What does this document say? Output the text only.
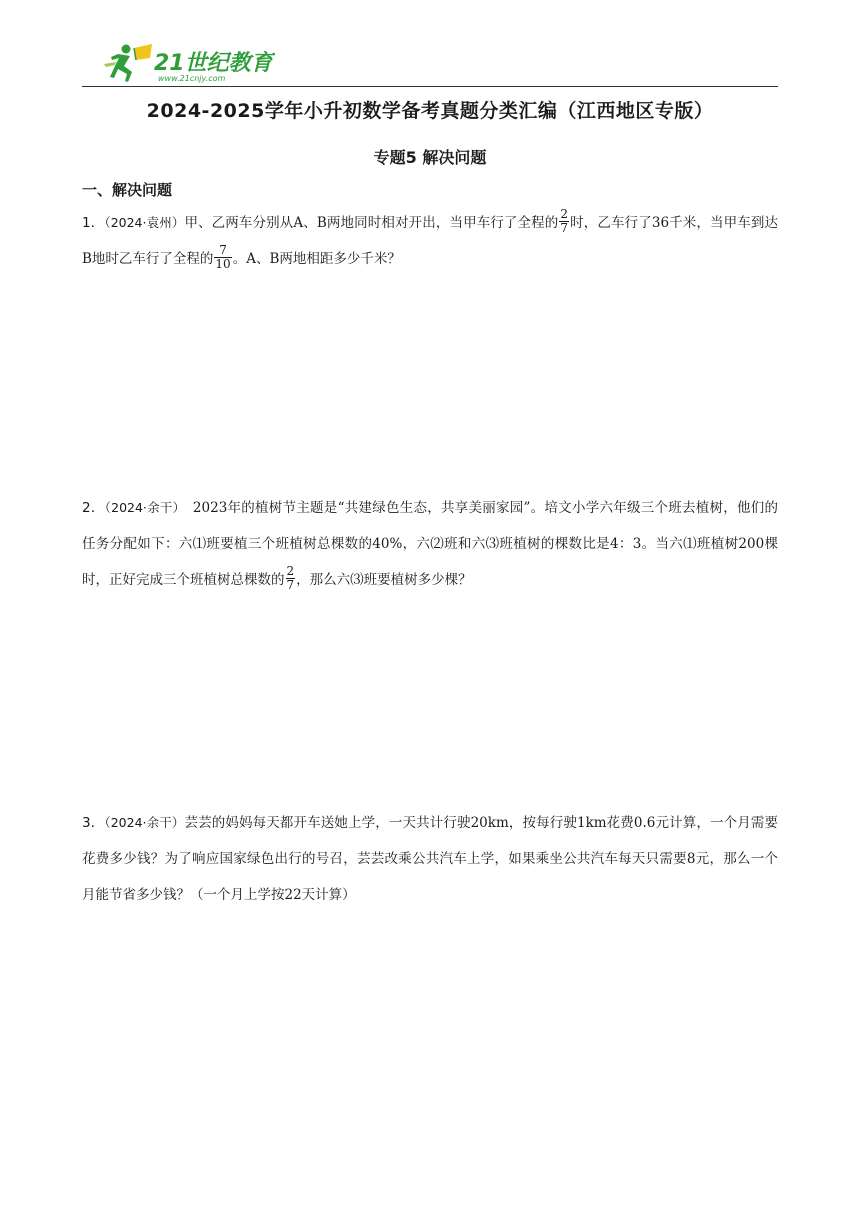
21世纪教育
www.21cnjy.com
2024-2025学年小升初数学备考真题分类汇编（江西地区专版）
专题5 解决问题
一、解决问题
1．（2024·袁州）甲、乙两车分别从A、B两地同时相对开出，当甲车行了全程的 $\frac{2}{7}$ 时，乙车行了36千米，当甲车到达B地时乙车行了全程的 $\frac{7}{10}$ 。A、B两地相距多少千米？
2．（2024·余干）　2023年的植树节主题是“共建绿色生态，共享美丽家园”。培文小学六年级三个班去植树，他们的任务分配如下：六⑴班要植三个班植树总棵数的40%，六⑵班和六⑶班植树的棵数比是4：3。当六⑴班植树200棵时，正好完成三个班植树总棵数的 $\frac{2}{7}$ ，那么六⑶班要植树多少棵？
3．（2024·余干）芸芸的妈妈每天都开车送她上学，一天共计行驶20km，按每行驶1km花费0.6元计算，一个月需要花费多少钱？为了响应国家绿色出行的号召，芸芸改乘公共汽车上学，如果乘坐公共汽车每天只需要8元，那么一个月能节省多少钱？（一个月上学按22天计算）
